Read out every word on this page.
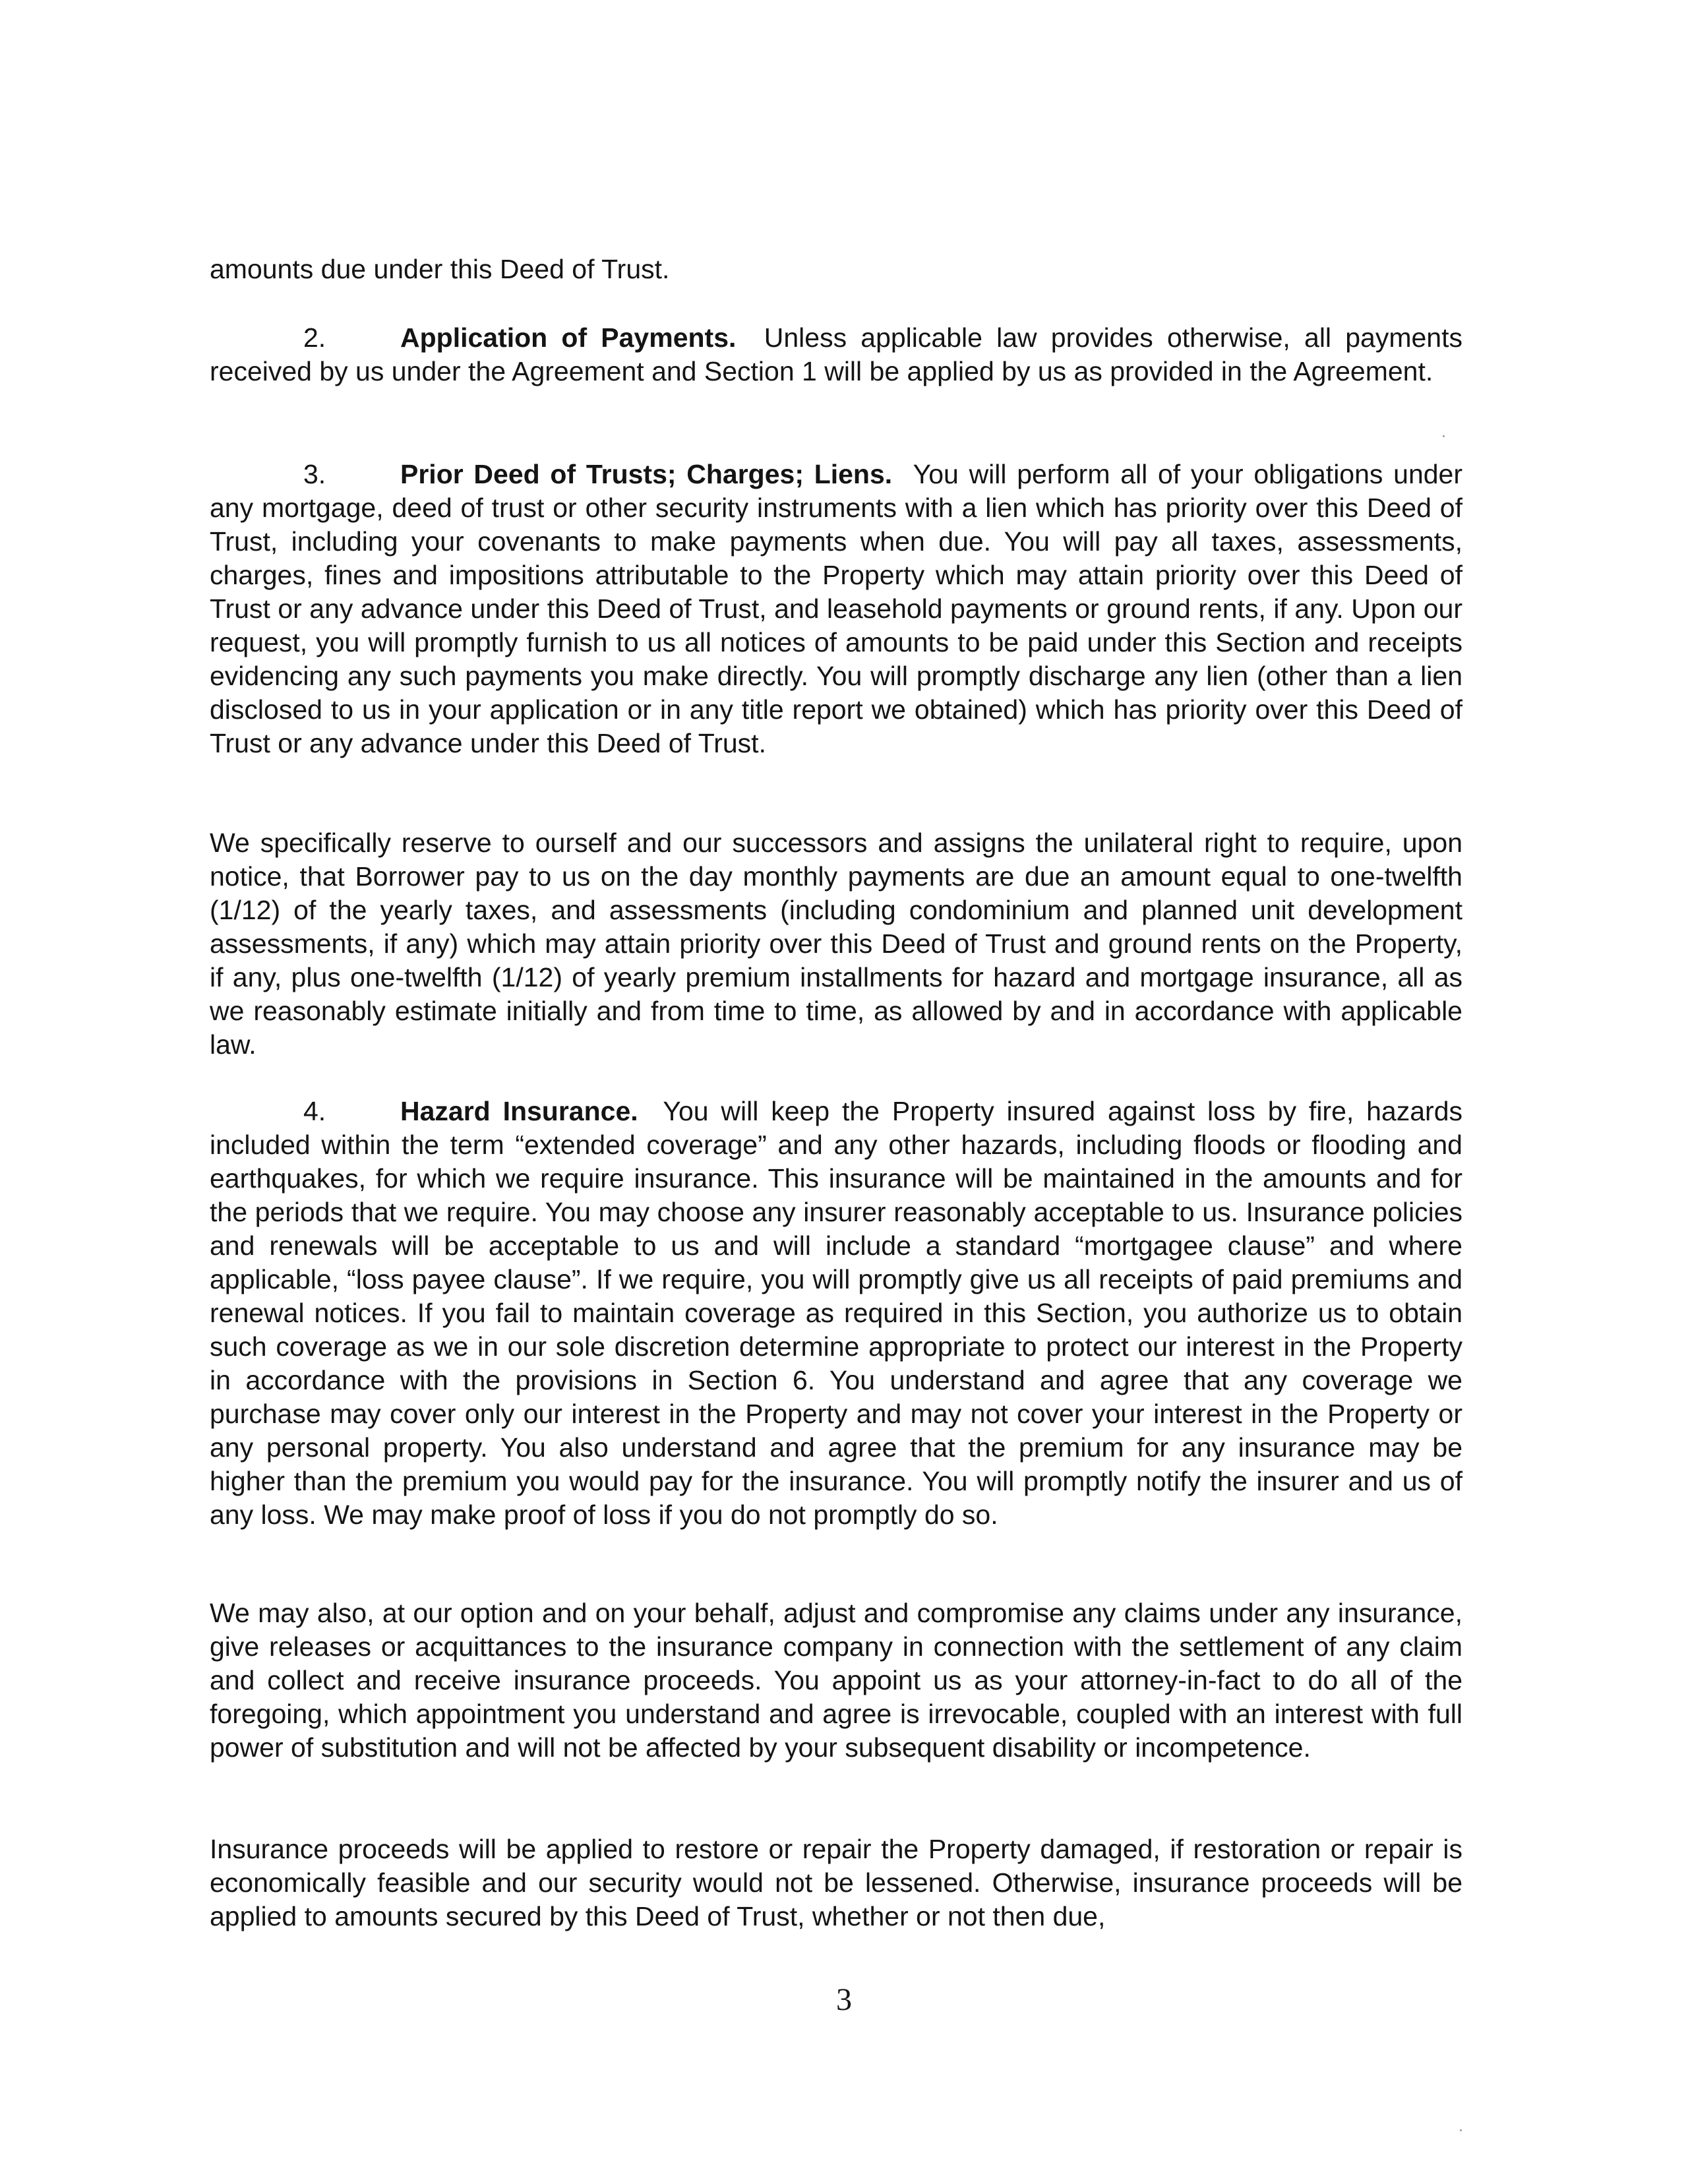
amounts due under this Deed of Trust.

2.	Application of Payments. Unless applicable law provides otherwise, all payments received by us under the Agreement and Section 1 will be applied by us as provided in the Agreement.

3.	Prior Deed of Trusts; Charges; Liens. You will perform all of your obligations under any mortgage, deed of trust or other security instruments with a lien which has priority over this Deed of Trust, including your covenants to make payments when due. You will pay all taxes, assessments, charges, fines and impositions attributable to the Property which may attain priority over this Deed of Trust or any advance under this Deed of Trust, and leasehold payments or ground rents, if any. Upon our request, you will promptly furnish to us all notices of amounts to be paid under this Section and receipts evidencing any such payments you make directly. You will promptly discharge any lien (other than a lien disclosed to us in your application or in any title report we obtained) which has priority over this Deed of Trust or any advance under this Deed of Trust.

We specifically reserve to ourself and our successors and assigns the unilateral right to require, upon notice, that Borrower pay to us on the day monthly payments are due an amount equal to one-twelfth (1/12) of the yearly taxes, and assessments (including condominium and planned unit development assessments, if any) which may attain priority over this Deed of Trust and ground rents on the Property, if any, plus one-twelfth (1/12) of yearly premium installments for hazard and mortgage insurance, all as we reasonably estimate initially and from time to time, as allowed by and in accordance with applicable law.

4.	Hazard Insurance. You will keep the Property insured against loss by fire, hazards included within the term “extended coverage” and any other hazards, including floods or flooding and earthquakes, for which we require insurance. This insurance will be maintained in the amounts and for the periods that we require. You may choose any insurer reasonably acceptable to us. Insurance policies and renewals will be acceptable to us and will include a standard “mortgagee clause” and where applicable, “loss payee clause”. If we require, you will promptly give us all receipts of paid premiums and renewal notices. If you fail to maintain coverage as required in this Section, you authorize us to obtain such coverage as we in our sole discretion determine appropriate to protect our interest in the Property in accordance with the provisions in Section 6. You understand and agree that any coverage we purchase may cover only our interest in the Property and may not cover your interest in the Property or any personal property. You also understand and agree that the premium for any insurance may be higher than the premium you would pay for the insurance. You will promptly notify the insurer and us of any loss. We may make proof of loss if you do not promptly do so.

We may also, at our option and on your behalf, adjust and compromise any claims under any insurance, give releases or acquittances to the insurance company in connection with the settlement of any claim and collect and receive insurance proceeds. You appoint us as your attorney-in-fact to do all of the foregoing, which appointment you understand and agree is irrevocable, coupled with an interest with full power of substitution and will not be affected by your subsequent disability or incompetence.

Insurance proceeds will be applied to restore or repair the Property damaged, if restoration or repair is economically feasible and our security would not be lessened. Otherwise, insurance proceeds will be applied to amounts secured by this Deed of Trust, whether or not then due,

3
